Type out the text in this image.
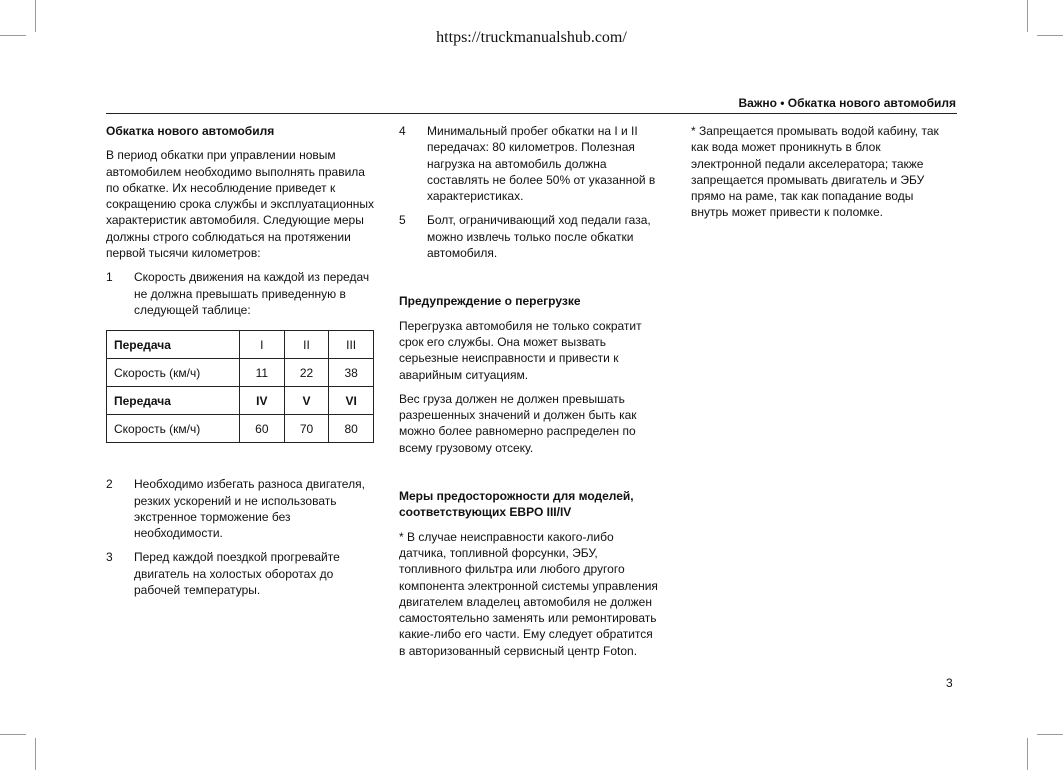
https://truckmanualshub.com/
Важно • Обкатка нового автомобиля
Обкатка нового автомобиля

В период обкатки при управлении новым автомобилем необходимо выполнять правила по обкатке. Их несоблюдение приведет к сокращению срока службы и эксплуатационных характеристик автомобиля. Следующие меры должны строго соблюдаться на протяжении первой тысячи километров:

1	Скорость движения на каждой из передач не должна превышать приведенную в следующей таблице:
Передача	I	II	III
Скорость (км/ч)	11	22	38
Передача	IV	V	VI
Скорость (км/ч)	60	70	80
2	Необходимо избегать разноса двигателя, резких ускорений и не использовать экстренное торможение без необходимости.
3	Перед каждой поездкой прогревайте двигатель на холостых оборотах до рабочей температуры.
4	Минимальный пробег обкатки на I и II передачах: 80 километров. Полезная нагрузка на автомобиль должна составлять не более 50% от указанной в характеристиках.
5	Болт, ограничивающий ход педали газа, можно извлечь только после обкатки автомобиля.
Предупреждение о перегрузке

Перегрузка автомобиля не только сократит срок его службы. Она может вызвать серьезные неисправности и привести к аварийным ситуациям.

Вес груза должен не должен превышать разрешенных значений и должен быть как можно более равномерно распределен по всему грузовому отсеку.

Меры предосторожности для моделей, соответствующих ЕВРО III/IV

* В случае неисправности какого-либо датчика, топливной форсунки, ЭБУ, топливного фильтра или любого другого компонента электронной системы управления двигателем владелец автомобиля не должен самостоятельно заменять или ремонтировать какие-либо его части. Ему следует обратится в авторизованный сервисный центр Foton.

* Запрещается промывать водой кабину, так как вода может проникнуть в блок электронной педали акселератора; также запрещается промывать двигатель и ЭБУ прямо на раме, так как попадание воды внутрь может привести к поломке.

3
